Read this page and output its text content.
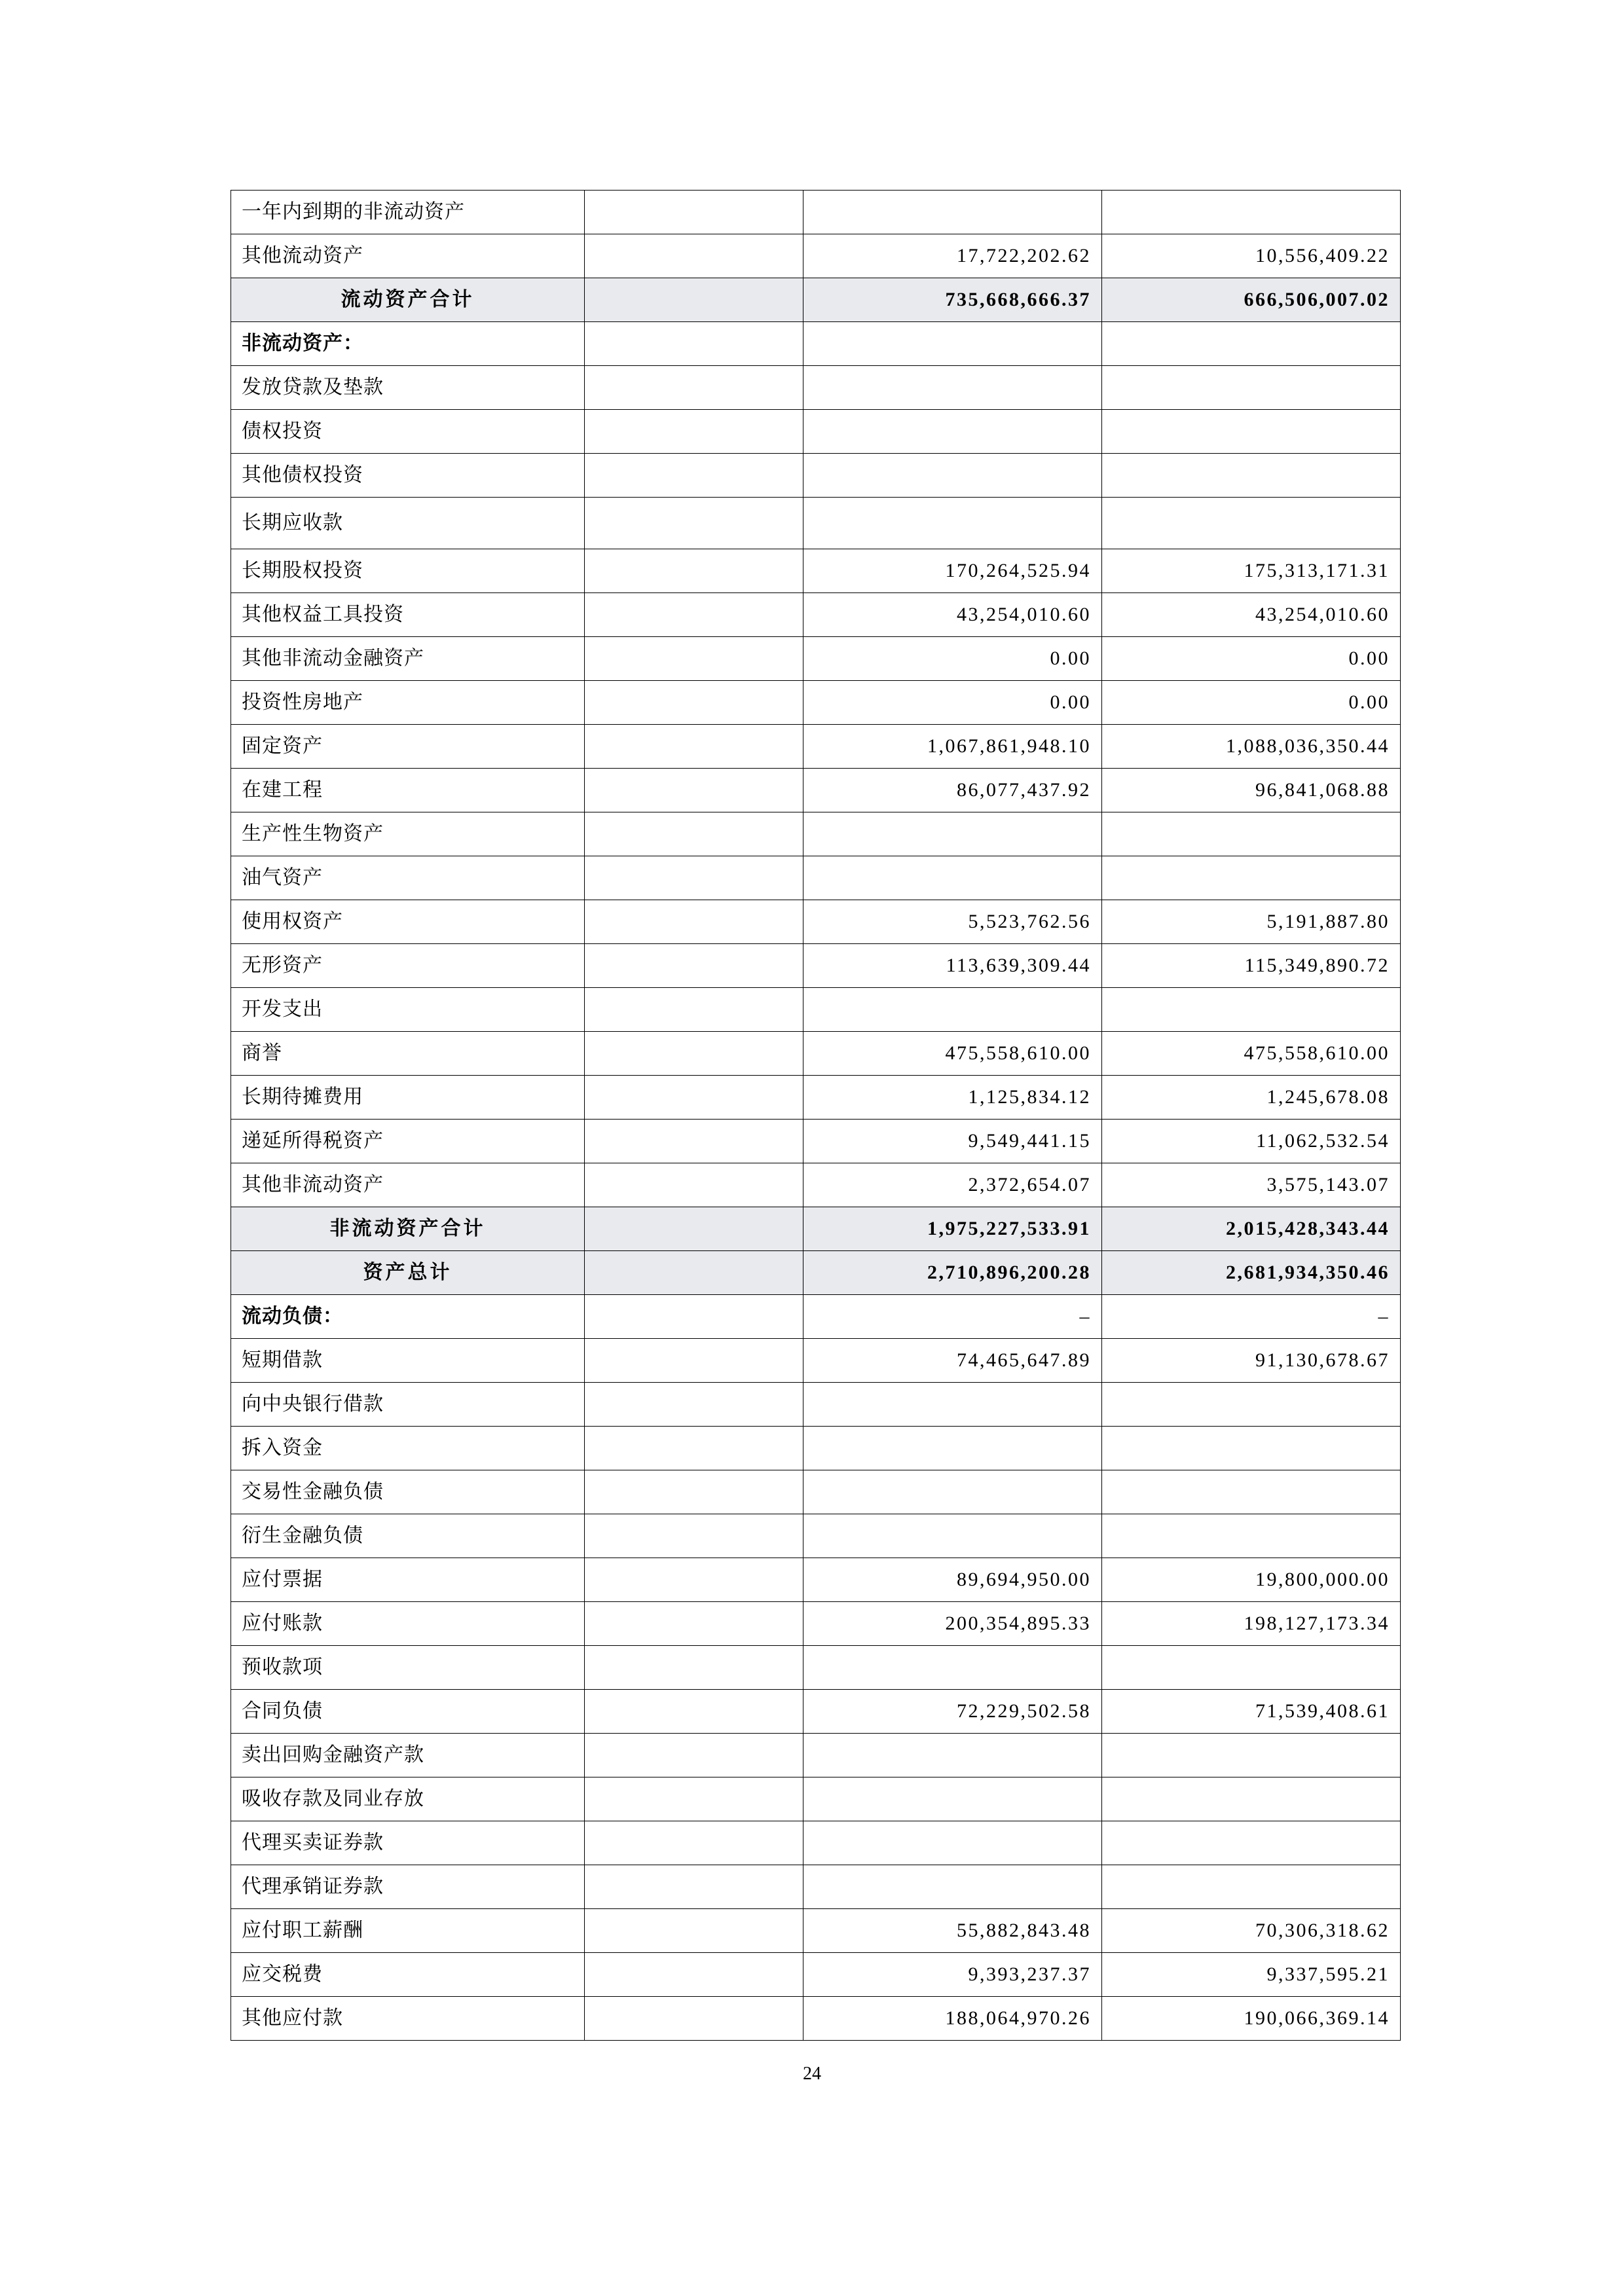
一年内到期的非流动资产			
其他流动资产		17,722,202.62	10,556,409.22
流动资产合计		735,668,666.37	666,506,007.02
非流动资产：			
发放贷款及垫款			
债权投资			
其他债权投资			
长期应收款			
长期股权投资		170,264,525.94	175,313,171.31
其他权益工具投资		43,254,010.60	43,254,010.60
其他非流动金融资产		0.00	0.00
投资性房地产		0.00	0.00
固定资产		1,067,861,948.10	1,088,036,350.44
在建工程		86,077,437.92	96,841,068.88
生产性生物资产			
油气资产			
使用权资产		5,523,762.56	5,191,887.80
无形资产		113,639,309.44	115,349,890.72
开发支出			
商誉		475,558,610.00	475,558,610.00
长期待摊费用		1,125,834.12	1,245,678.08
递延所得税资产		9,549,441.15	11,062,532.54
其他非流动资产		2,372,654.07	3,575,143.07
非流动资产合计		1,975,227,533.91	2,015,428,343.44
资产总计		2,710,896,200.28	2,681,934,350.46
流动负债：		–	–
短期借款		74,465,647.89	91,130,678.67
向中央银行借款			
拆入资金			
交易性金融负债			
衍生金融负债			
应付票据		89,694,950.00	19,800,000.00
应付账款		200,354,895.33	198,127,173.34
预收款项			
合同负债		72,229,502.58	71,539,408.61
卖出回购金融资产款			
吸收存款及同业存放			
代理买卖证券款			
代理承销证券款			
应付职工薪酬		55,882,843.48	70,306,318.62
应交税费		9,393,237.37	9,337,595.21
其他应付款		188,064,970.26	190,066,369.14
24
